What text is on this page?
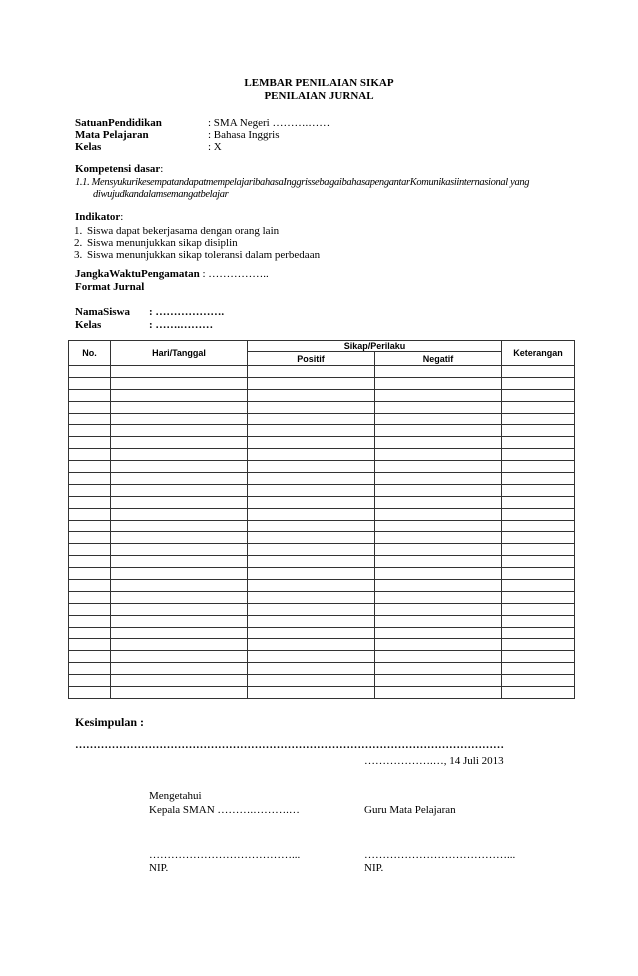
LEMBAR PENILAIAN SIKAP
PENILAIAN JURNAL
SatuanPendidikan	: SMA Negeri ……….……
Mata Pelajaran	: Bahasa Inggris
Kelas	: X
Kompetensi dasar:
1.1. MensyukurikesempatandapatmempelajaribahasaInggrissebagaibahasapengantarKomunikasiinternasional yang
diwujudkandalamsemangatbelajar
Indikator:
1. Siswa dapat bekerjasama dengan orang lain
2. Siswa menunjukkan sikap disiplin
3. Siswa menunjukkan sikap toleransi dalam perbedaan
JangkaWaktuPengamatan : ……………..
Format Jurnal
NamaSiswa : ……………….
Kelas	: …….………
No.	Hari/Tanggal	Sikap/Perilaku		Keterangan
		Positif	Negatif	

Kesimpulan :
………………………………………………………………………………………………………
……………….…, 14 Juli 2013
Mengetahui
Kepala SMAN ……….……….…	Guru Mata Pelajaran
…………………………………...	…………………………………...
NIP.	NIP.
